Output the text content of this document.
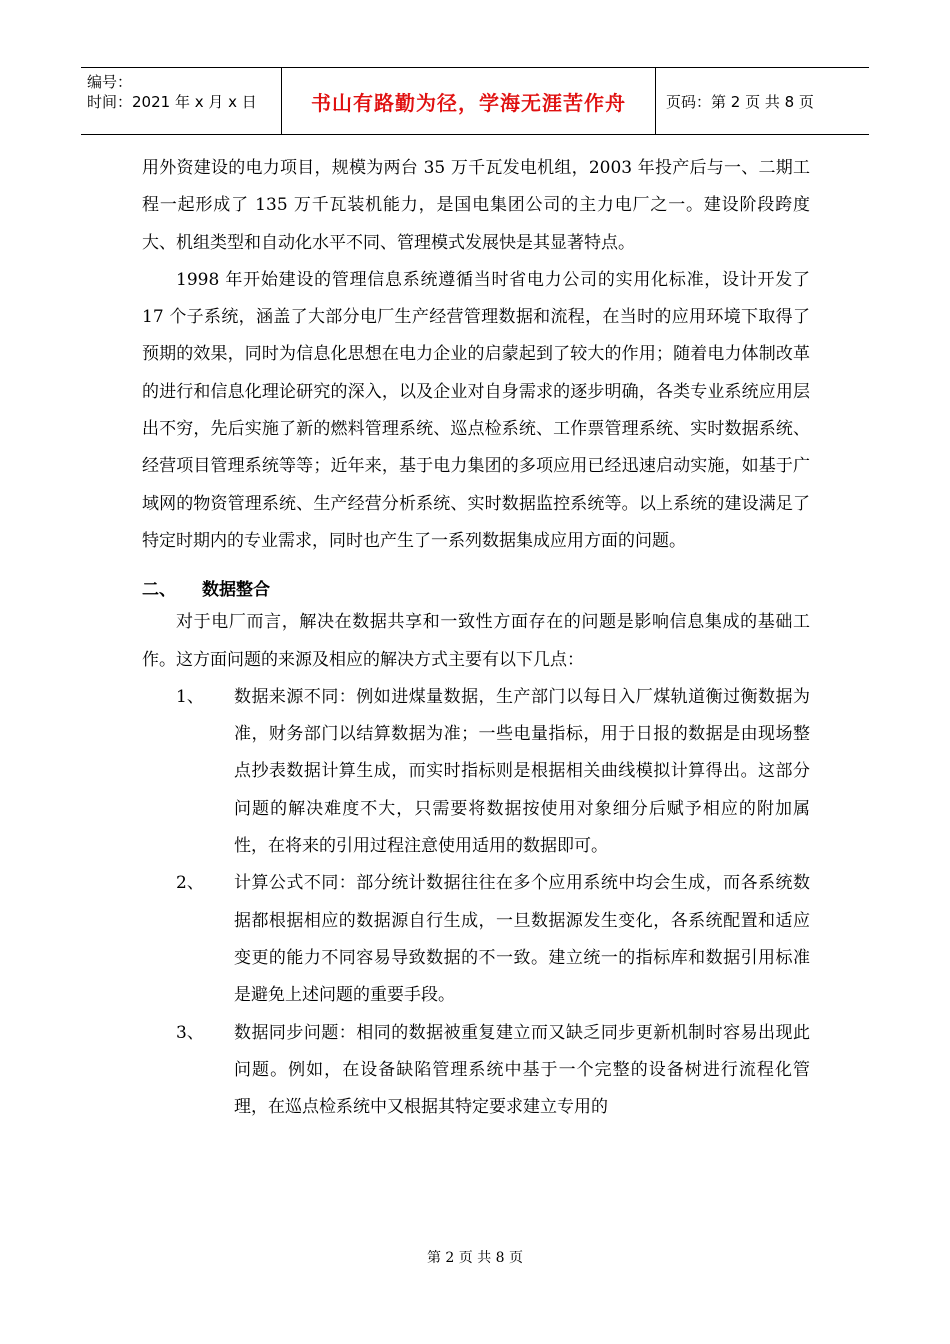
编号：
时间：2021 年 x 月 x 日	书山有路勤为径，学海无涯苦作舟	页码：第 2 页 共 8 页

用外资建设的电力项目，规模为两台 35 万千瓦发电机组，2003 年投产后与一、二期工程一起形成了 135 万千瓦装机能力，是国电集团公司的主力电厂之一。建设阶段跨度大、机组类型和自动化水平不同、管理模式发展快是其显著特点。

1998 年开始建设的管理信息系统遵循当时省电力公司的实用化标准，设计开发了 17 个子系统，涵盖了大部分电厂生产经营管理数据和流程，在当时的应用环境下取得了预期的效果，同时为信息化思想在电力企业的启蒙起到了较大的作用；随着电力体制改革的进行和信息化理论研究的深入，以及企业对自身需求的逐步明确，各类专业系统应用层出不穷，先后实施了新的燃料管理系统、巡点检系统、工作票管理系统、实时数据系统、经营项目管理系统等等；近年来，基于电力集团的多项应用已经迅速启动实施，如基于广域网的物资管理系统、生产经营分析系统、实时数据监控系统等。以上系统的建设满足了特定时期内的专业需求，同时也产生了一系列数据集成应用方面的问题。

二、	数据整合

对于电厂而言，解决在数据共享和一致性方面存在的问题是影响信息集成的基础工作。这方面问题的来源及相应的解决方式主要有以下几点：

1、 数据来源不同：例如进煤量数据，生产部门以每日入厂煤轨道衡过衡数据为准，财务部门以结算数据为准；一些电量指标，用于日报的数据是由现场整点抄表数据计算生成，而实时指标则是根据相关曲线模拟计算得出。这部分问题的解决难度不大，只需要将数据按使用对象细分后赋予相应的附加属性，在将来的引用过程注意使用适用的数据即可。
2、 计算公式不同：部分统计数据往往在多个应用系统中均会生成，而各系统数据都根据相应的数据源自行生成，一旦数据源发生变化，各系统配置和适应变更的能力不同容易导致数据的不一致。建立统一的指标库和数据引用标准是避免上述问题的重要手段。
3、 数据同步问题：相同的数据被重复建立而又缺乏同步更新机制时容易出现此问题。例如，在设备缺陷管理系统中基于一个完整的设备树进行流程化管理，在巡点检系统中又根据其特定要求建立专用的
第 2 页 共 8 页
